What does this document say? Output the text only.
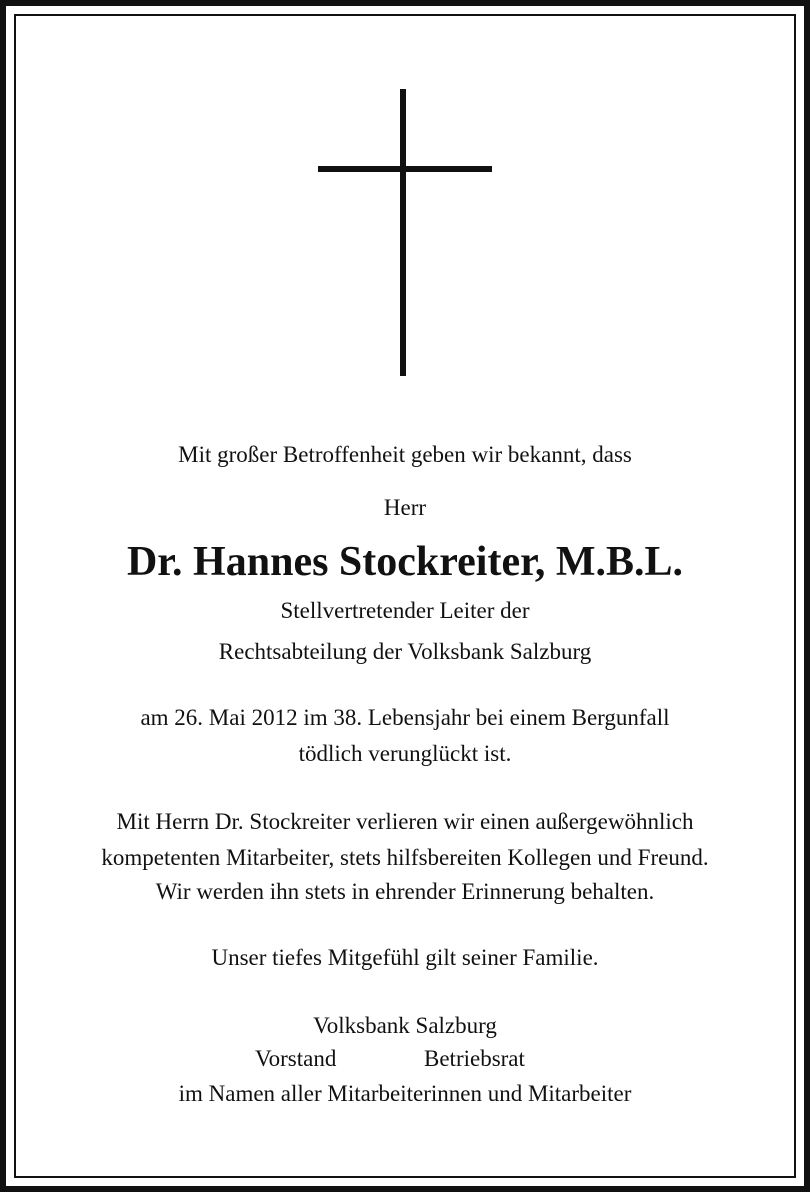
Mit großer Betroffenheit geben wir bekannt, dass
Herr
Dr. Hannes Stockreiter, M.B.L.
Stellvertretender Leiter der
Rechtsabteilung der Volksbank Salzburg
am 26. Mai 2012 im 38. Lebensjahr bei einem Bergunfall
tödlich verunglückt ist.
Mit Herrn Dr. Stockreiter verlieren wir einen außergewöhnlich
kompetenten Mitarbeiter, stets hilfsbereiten Kollegen und Freund.
Wir werden ihn stets in ehrender Erinnerung behalten.
Unser tiefes Mitgefühl gilt seiner Familie.
Volksbank Salzburg
Vorstand	Betriebsrat
im Namen aller Mitarbeiterinnen und Mitarbeiter
